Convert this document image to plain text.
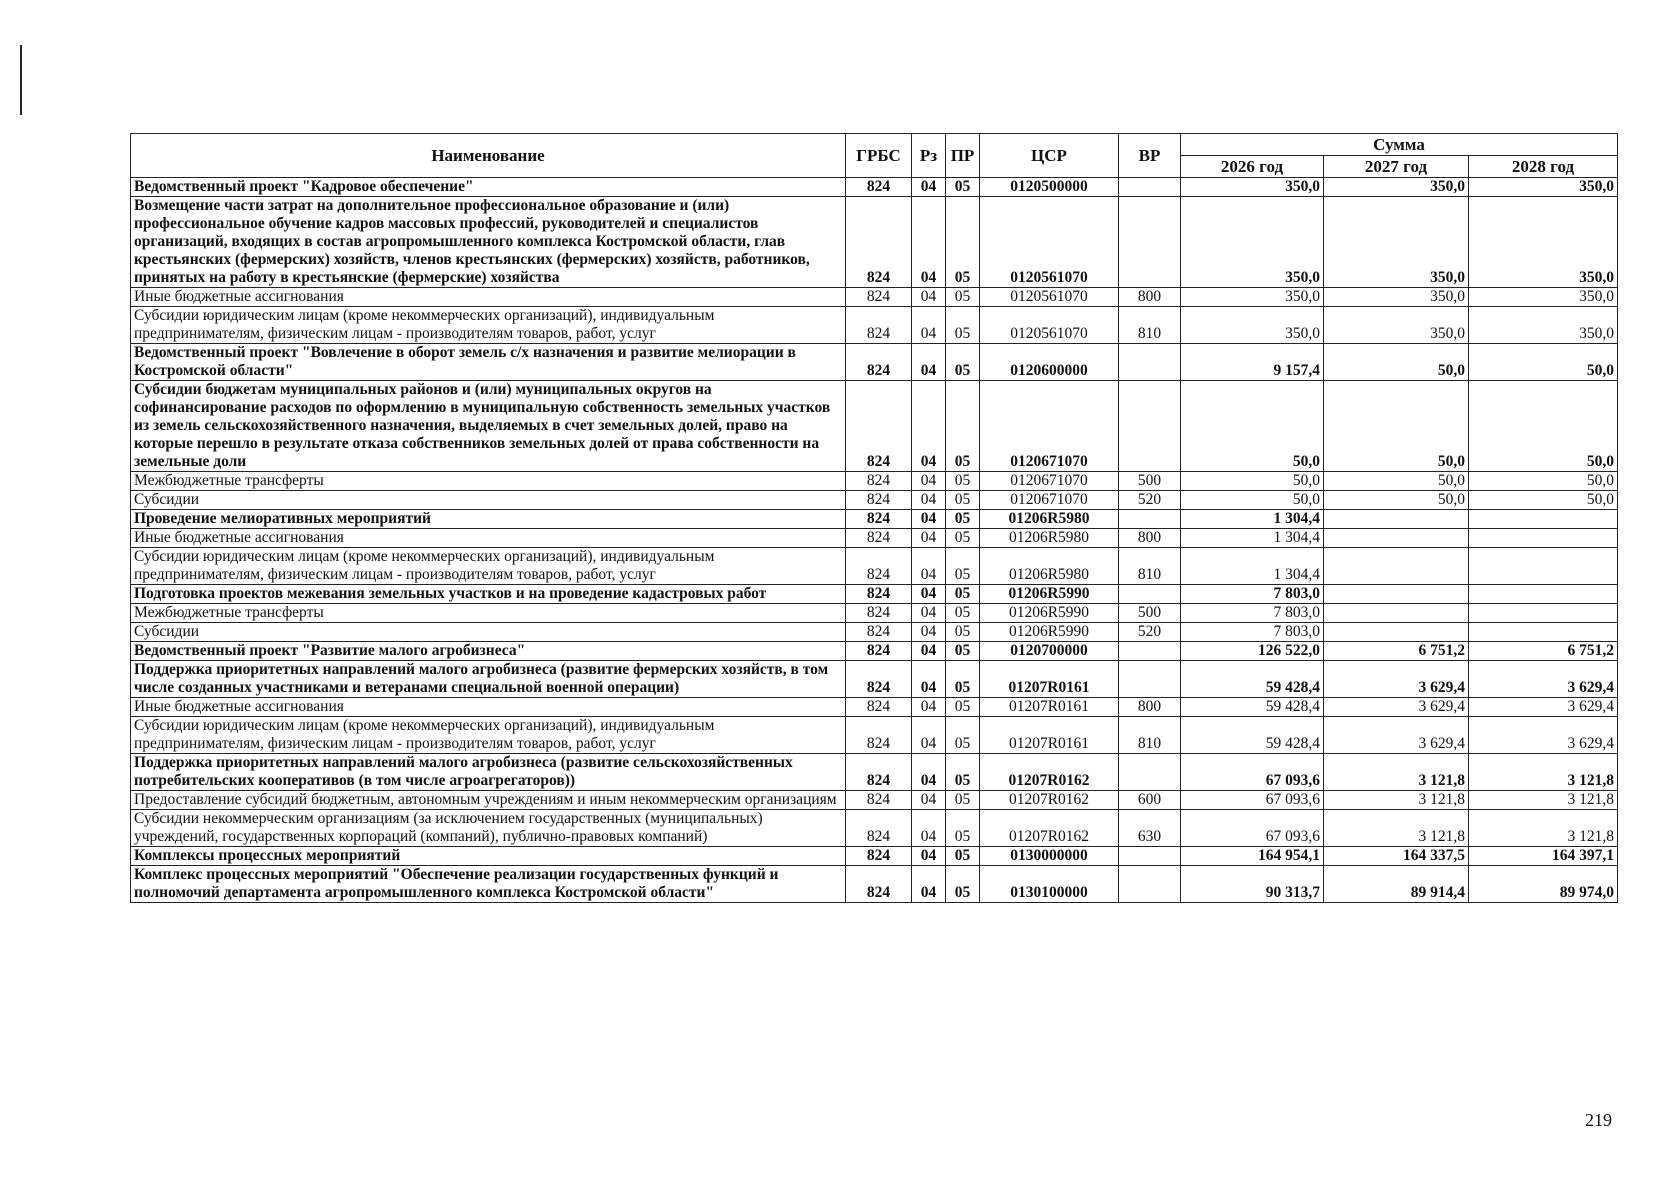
Наименование	ГРБС	Рз	ПР	ЦСР	ВР	Сумма		
						2026 год	2027 год	2028 год
Ведомственный проект "Кадровое обеспечение"	824	04	05	0120500000		350,0	350,0	350,0
Возмещение части затрат на дополнительное профессиональное образование и (или) профессиональное обучение кадров массовых профессий, руководителей и специалистов организаций, входящих в состав агропромышленного комплекса Костромской области, глав крестьянских (фермерских) хозяйств, членов крестьянских (фермерских) хозяйств, работников, принятых на работу в крестьянские (фермерские) хозяйства	824	04	05	0120561070		350,0	350,0	350,0
Иные бюджетные ассигнования	824	04	05	0120561070	800	350,0	350,0	350,0
Субсидии юридическим лицам (кроме некоммерческих организаций), индивидуальным предпринимателям, физическим лицам - производителям товаров, работ, услуг	824	04	05	0120561070	810	350,0	350,0	350,0
Ведомственный проект "Вовлечение в оборот земель с/х назначения и развитие мелиорации в Костромской области"	824	04	05	0120600000		9 157,4	50,0	50,0
Субсидии бюджетам муниципальных районов и (или) муниципальных округов на софинансирование расходов по оформлению в муниципальную собственность земельных участков из земель сельскохозяйственного назначения, выделяемых в счет земельных долей, право на которые перешло в результате отказа собственников земельных долей от права собственности на земельные доли	824	04	05	0120671070		50,0	50,0	50,0
Межбюджетные трансферты	824	04	05	0120671070	500	50,0	50,0	50,0
Субсидии	824	04	05	0120671070	520	50,0	50,0	50,0
Проведение мелиоративных мероприятий	824	04	05	01206R5980		1 304,4		
Иные бюджетные ассигнования	824	04	05	01206R5980	800	1 304,4		
Субсидии юридическим лицам (кроме некоммерческих организаций), индивидуальным предпринимателям, физическим лицам - производителям товаров, работ, услуг	824	04	05	01206R5980	810	1 304,4		
Подготовка проектов межевания земельных участков и на проведение кадастровых работ	824	04	05	01206R5990		7 803,0		
Межбюджетные трансферты	824	04	05	01206R5990	500	7 803,0		
Субсидии	824	04	05	01206R5990	520	7 803,0		
Ведомственный проект "Развитие малого агробизнеса"	824	04	05	0120700000		126 522,0	6 751,2	6 751,2
Поддержка приоритетных направлений малого агробизнеса (развитие фермерских хозяйств, в том числе созданных участниками и ветеранами специальной военной операции)	824	04	05	01207R0161		59 428,4	3 629,4	3 629,4
Иные бюджетные ассигнования	824	04	05	01207R0161	800	59 428,4	3 629,4	3 629,4
Субсидии юридическим лицам (кроме некоммерческих организаций), индивидуальным предпринимателям, физическим лицам - производителям товаров, работ, услуг	824	04	05	01207R0161	810	59 428,4	3 629,4	3 629,4
Поддержка приоритетных направлений малого агробизнеса (развитие сельскохозяйственных потребительских кооперативов (в том числе агроагрегаторов))	824	04	05	01207R0162		67 093,6	3 121,8	3 121,8
Предоставление субсидий бюджетным, автономным учреждениям и иным некоммерческим организациям	824	04	05	01207R0162	600	67 093,6	3 121,8	3 121,8
Субсидии некоммерческим организациям (за исключением государственных (муниципальных) учреждений, государственных корпораций (компаний), публично-правовых компаний)	824	04	05	01207R0162	630	67 093,6	3 121,8	3 121,8
Комплексы процессных мероприятий	824	04	05	0130000000		164 954,1	164 337,5	164 397,1
Комплекс процессных мероприятий "Обеспечение реализации государственных функций и полномочий департамента агропромышленного комплекса Костромской области"	824	04	05	0130100000		90 313,7	89 914,4	89 974,0
219
